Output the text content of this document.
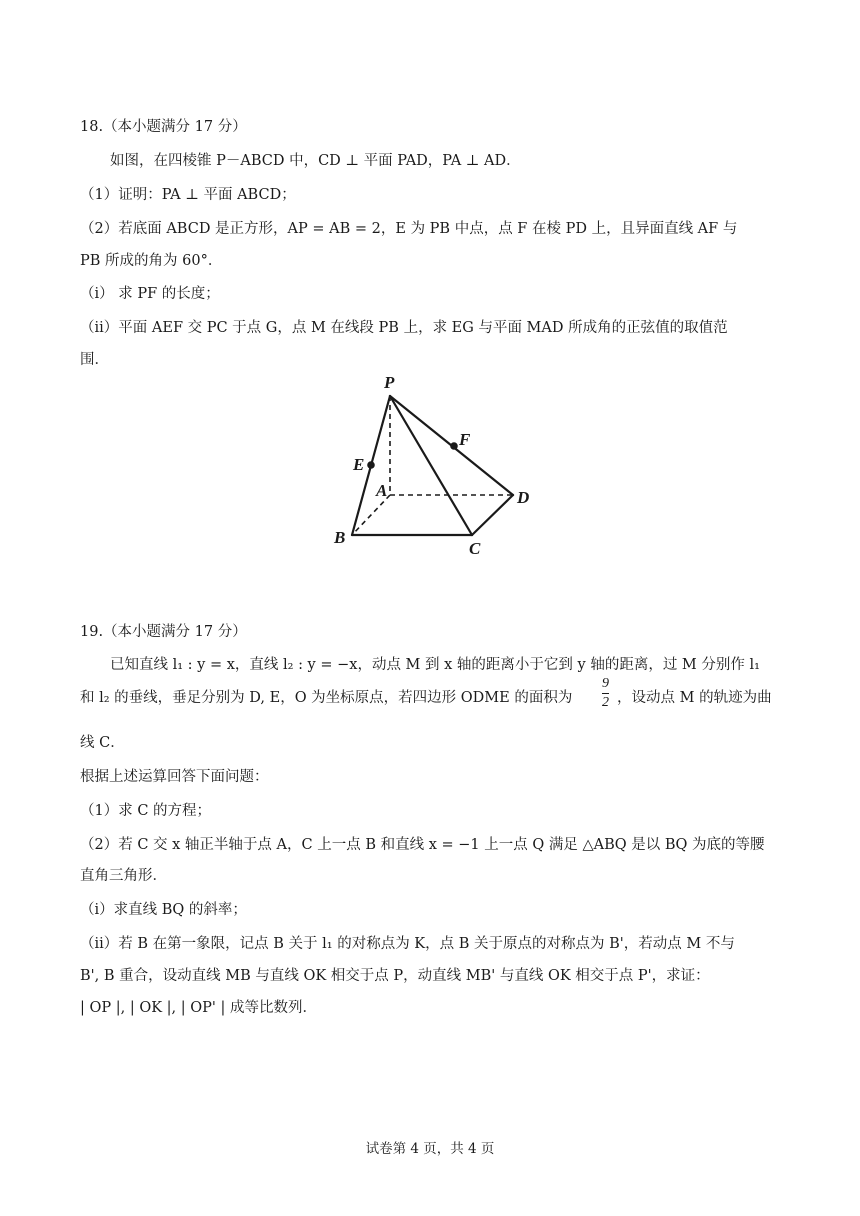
18.（本小题满分 17 分）
如图，在四棱锥 P－ABCD 中，CD ⊥ 平面 PAD，PA ⊥ AD．
（1）证明：PA ⊥ 平面 ABCD；
（2）若底面 ABCD 是正方形，AP = AB = 2，E 为 PB 中点，点 F 在棱 PD 上，且异面直线 AF 与
PB 所成的角为 60°．
（i） 求 PF 的长度；
（ii）平面 AEF 交 PC 于点 G，点 M 在线段 PB 上，求 EG 与平面 MAD 所成角的正弦值的取值范
围．
P
A
B
C
D
E
F
19.（本小题满分 17 分）
已知直线 l₁ : y = x，直线 l₂ : y = −x，动点 M 到 x 轴的距离小于它到 y 轴的距离，过 M 分别作 l₁
和 l₂ 的垂线，垂足分别为 D, E，O 为坐标原点，若四边形 ODME 的面积为
9
2 ，设动点 M 的轨迹为曲
线 C．
根据上述运算回答下面问题：
（1）求 C 的方程；
（2）若 C 交 x 轴正半轴于点 A，C 上一点 B 和直线 x = −1 上一点 Q 满足 △ABQ 是以 BQ 为底的等腰
直角三角形．
（i）求直线 BQ 的斜率；
（ii）若 B 在第一象限，记点 B 关于 l₁ 的对称点为 K，点 B 关于原点的对称点为 B'，若动点 M 不与
B', B 重合，设动直线 MB 与直线 OK 相交于点 P，动直线 MB' 与直线 OK 相交于点 P'，求证：
| OP |, | OK |, | OP' | 成等比数列．
试卷第 4 页，共 4 页
